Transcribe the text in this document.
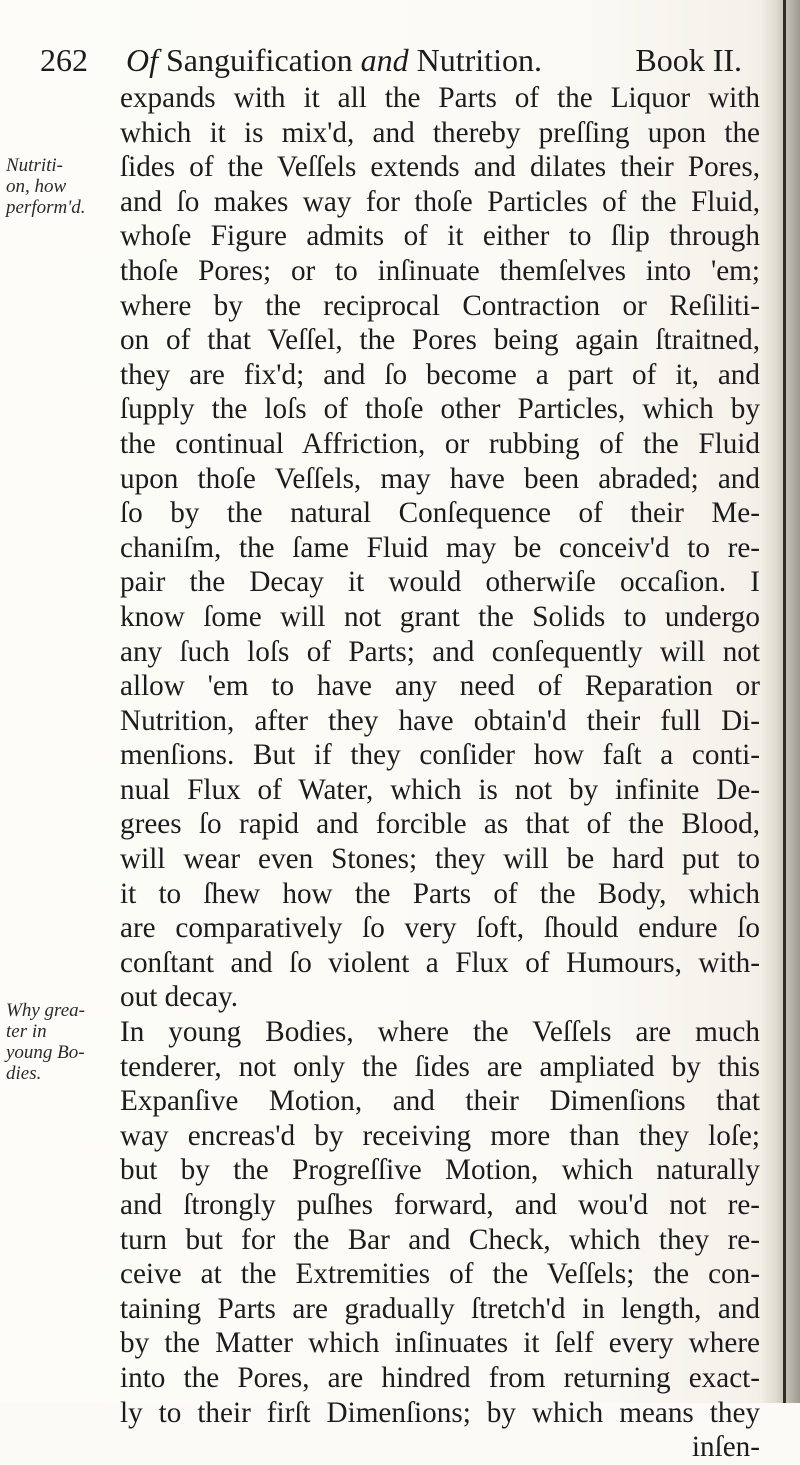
262 Of Sanguification and Nutrition.	Book II.
Nutriti-
on, how
perform'd.
Why grea-
ter in
young Bo-
dies.
expands with it all the Parts of the Liquor with
which it is mix'd, and thereby preſſing upon the
ſides of the Veſſels extends and dilates their Pores,
and ſo makes way for thoſe Particles of the Fluid,
whoſe Figure admits of it either to ſlip through
thoſe Pores; or to inſinuate themſelves into 'em;
where by the reciprocal Contraction or Reſiliti-
on of that Veſſel, the Pores being again ſtraitned,
they are fix'd; and ſo become a part of it, and
ſupply the loſs of thoſe other Particles, which by
the continual Affriction, or rubbing of the Fluid
upon thoſe Veſſels, may have been abraded; and
ſo by the natural Conſequence of their Me-
chaniſm, the ſame Fluid may be conceiv'd to re-
pair the Decay it would otherwiſe occaſion. I
know ſome will not grant the Solids to undergo
any ſuch loſs of Parts; and conſequently will not
allow 'em to have any need of Reparation or
Nutrition, after they have obtain'd their full Di-
menſions. But if they conſider how faſt a conti-
nual Flux of Water, which is not by infinite De-
grees ſo rapid and forcible as that of the Blood,
will wear even Stones; they will be hard put to
it to ſhew how the Parts of the Body, which
are comparatively ſo very ſoft, ſhould endure ſo
conſtant and ſo violent a Flux of Humours, with-
out decay.
In young Bodies, where the Veſſels are much
tenderer, not only the ſides are ampliated by this
Expanſive Motion, and their Dimenſions that
way encreas'd by receiving more than they loſe;
but by the Progreſſive Motion, which naturally
and ſtrongly puſhes forward, and wou'd not re-
turn but for the Bar and Check, which they re-
ceive at the Extremities of the Veſſels; the con-
taining Parts are gradually ſtretch'd in length, and
by the Matter which inſinuates it ſelf every where
into the Pores, are hindred from returning exact-
ly to their firſt Dimenſions; by which means they
inſen-
